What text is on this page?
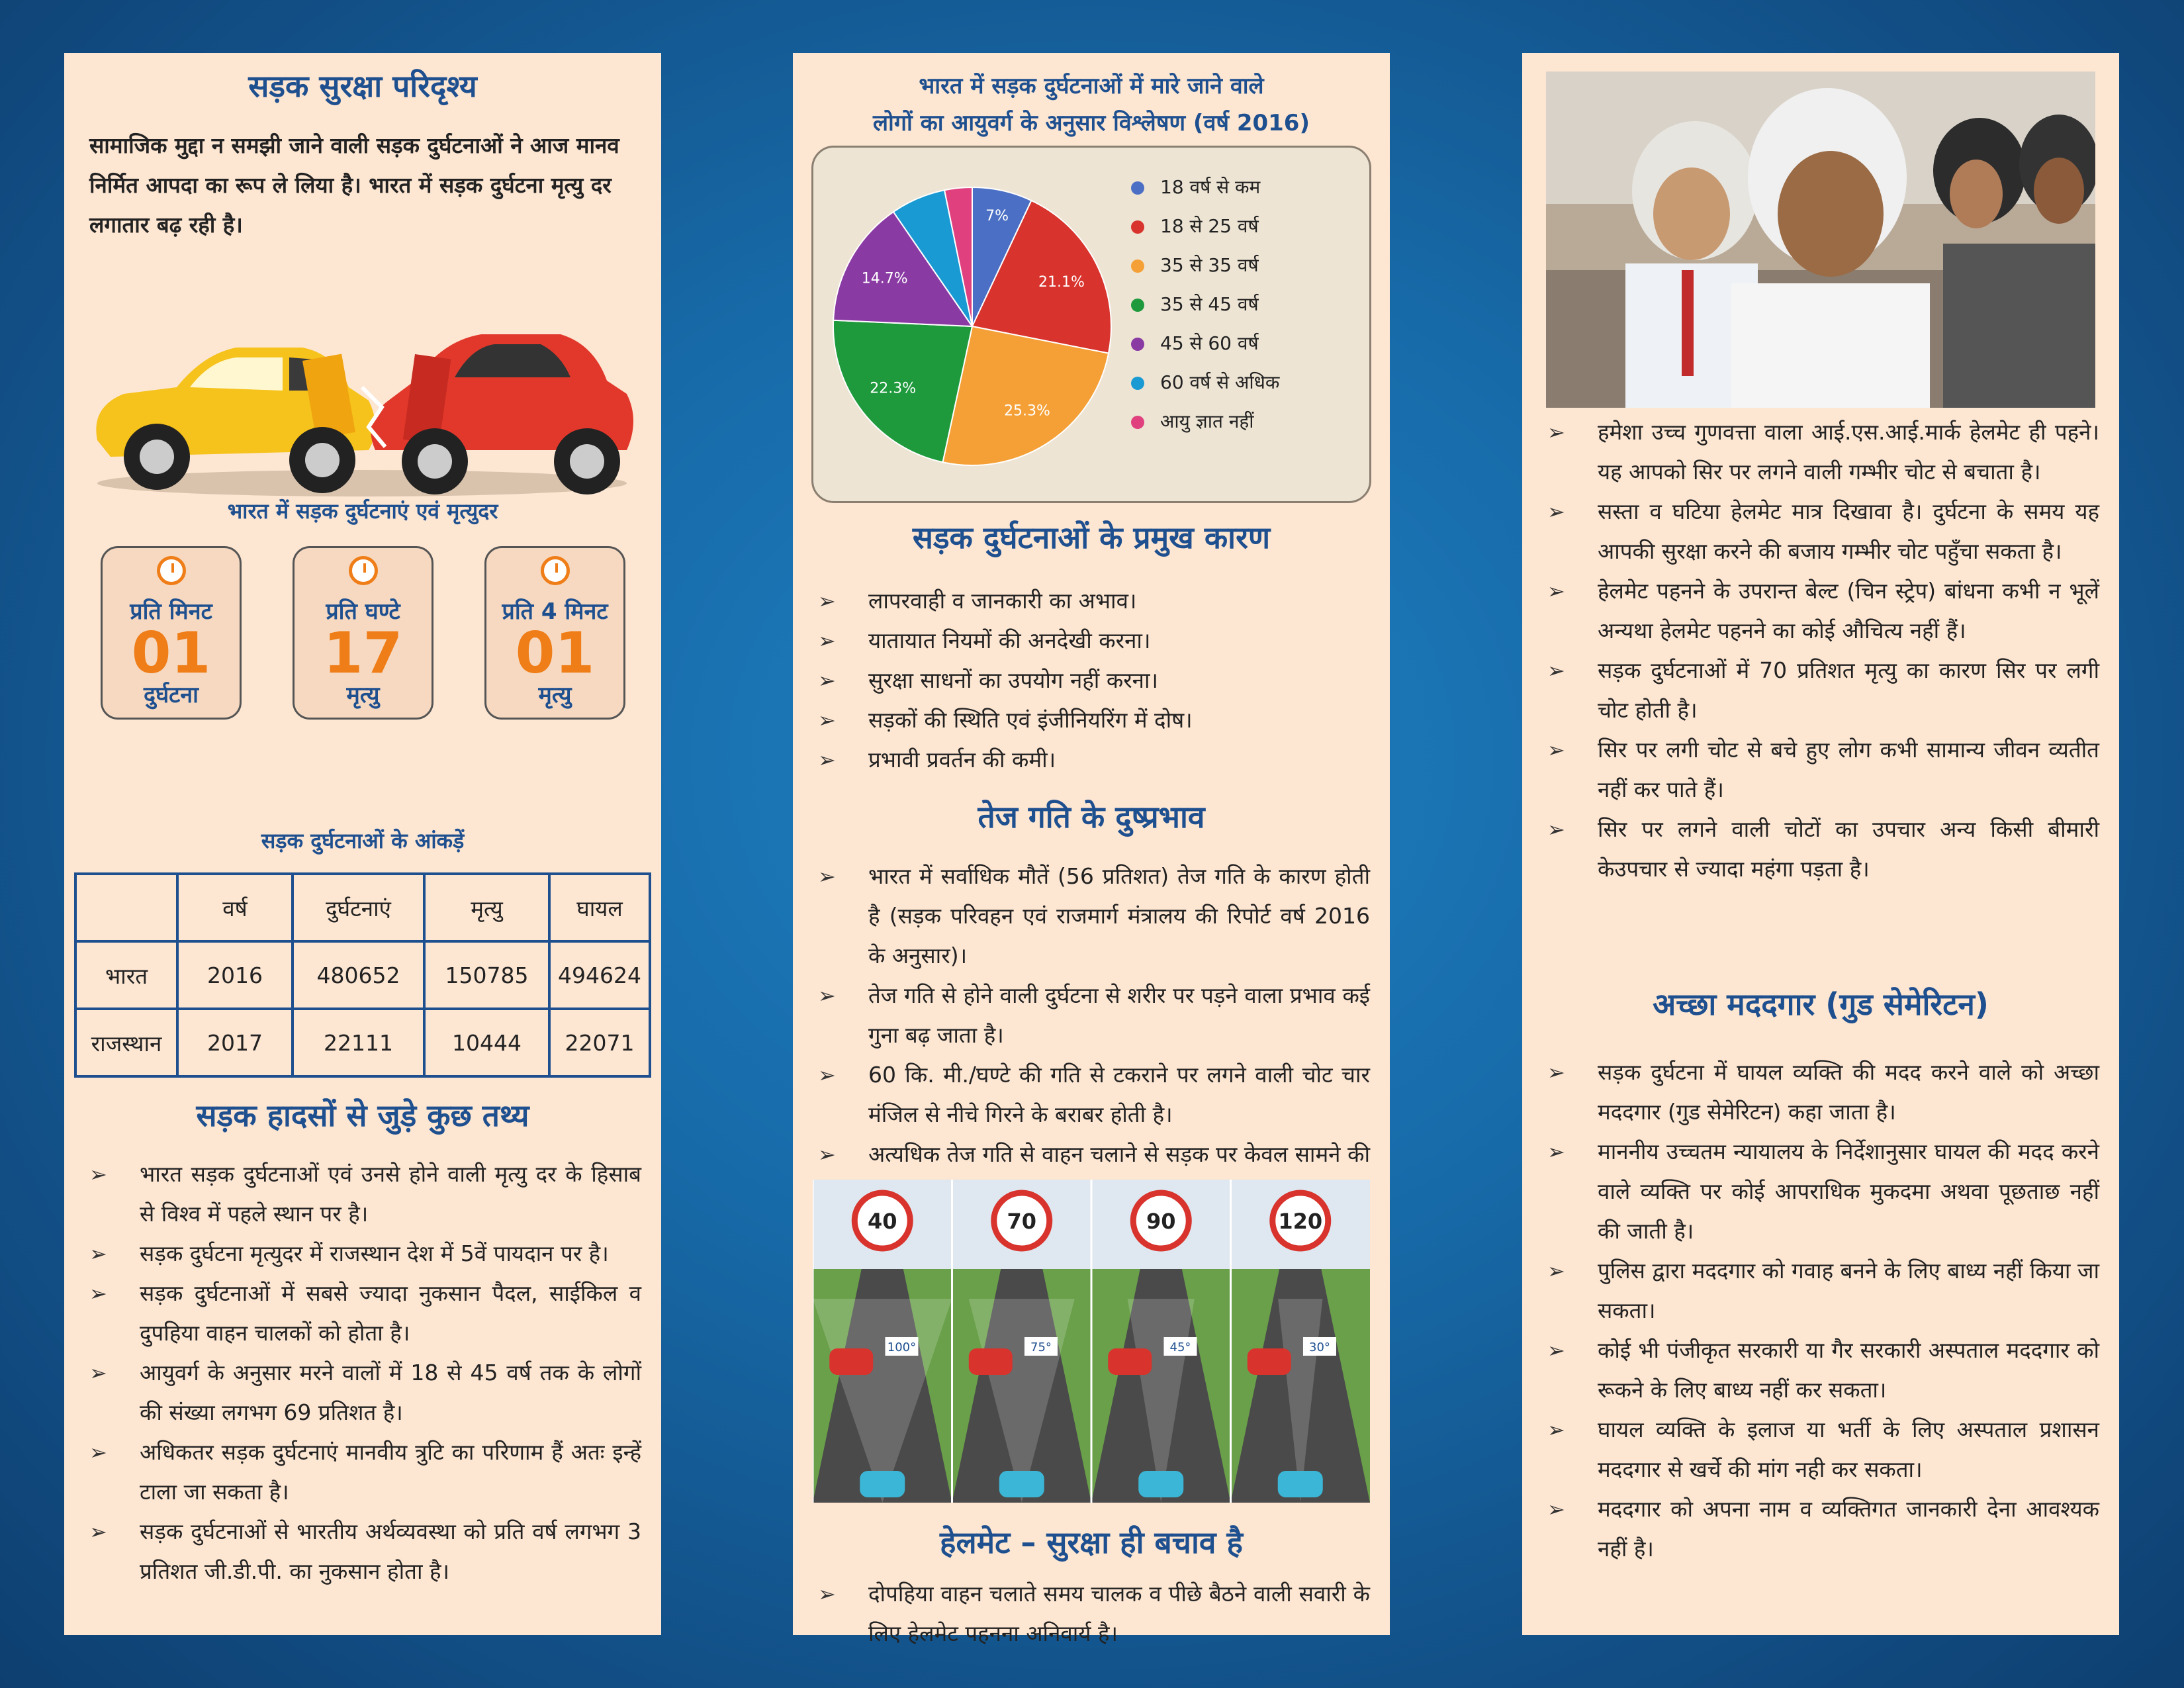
सड़क सुरक्षा परिदृश्य

सामाजिक मुद्दा न समझी जाने वाली सड़क दुर्घटनाओं ने आज मानव निर्मित आपदा का रूप ले लिया है। भारत में सड़क दुर्घटना मृत्यु दर लगातार बढ़ रही है।

भारत में सड़क दुर्घटनाएं एवं मृत्युदर
प्रति मिनट
01
दुर्घटना
प्रति घण्टे
17
मृत्यु
प्रति 4 मिनट
01
मृत्यु
सड़क दुर्घटनाओं के आंकड़ें
	वर्ष	दुर्घटनाएं	मृत्यु	घायल
भारत	2016	480652	150785	494624
राजस्थान	2017	22111	10444	22071
सड़क हादसों से जुड़े कुछ तथ्य
➢ भारत सड़क दुर्घटनाओं एवं उनसे होने वाली मृत्यु दर के हिसाब से विश्व में पहले स्थान पर है।
➢ सड़क दुर्घटना मृत्युदर में राजस्थान देश में 5वें पायदान पर है।
➢ सड़क दुर्घटनाओं में सबसे ज्यादा नुकसान पैदल, साईकिल व दुपहिया वाहन चालकों को होता है।
➢ आयुवर्ग के अनुसार मरने वालों में 18 से 45 वर्ष तक के लोगों की संख्या लगभग 69 प्रतिशत है।
➢ अधिकतर सड़क दुर्घटनाएं मानवीय त्रुटि का परिणाम हैं अतः इन्हें टाला जा सकता है।
➢ सड़क दुर्घटनाओं से भारतीय अर्थव्यवस्था को प्रति वर्ष लगभग 3 प्रतिशत जी.डी.पी. का नुकसान होता है।
भारत में सड़क दुर्घटनाओं में मारे जाने वाले
लोगों का आयुवर्ग के अनुसार विश्लेषण (वर्ष 2016)
7%
21.1%
25.3%
22.3%
14.7%
18 वर्ष से कम
18 से 25 वर्ष
35 से 35 वर्ष
35 से 45 वर्ष
45 से 60 वर्ष
60 वर्ष से अधिक
आयु ज्ञात नहीं
सड़क दुर्घटनाओं के प्रमुख कारण
➢ लापरवाही व जानकारी का अभाव।
➢ यातायात नियमों की अनदेखी करना।
➢ सुरक्षा साधनों का उपयोग नहीं करना।
➢ सड़कों की स्थिति एवं इंजीनियरिंग में दोष।
➢ प्रभावी प्रवर्तन की कमी।
तेज गति के दुष्प्रभाव
➢ भारत में सर्वाधिक मौतें (56 प्रतिशत) तेज गति के कारण होती है (सड़क परिवहन एवं राजमार्ग मंत्रालय की रिपोर्ट वर्ष 2016 के अनुसार)।
➢ तेज गति से होने वाली दुर्घटना से शरीर पर पड़ने वाला प्रभाव कई गुना बढ़ जाता है।
➢ 60 कि. मी./घण्टे की गति से टकराने पर लगने वाली चोट चार मंजिल से नीचे गिरने के बराबर होती है।
➢ अत्यधिक तेज गति से वाहन चलाने से सड़क पर केवल सामने की
40
100°
70
75°
90
45°
120
30°
हेलमेट – सुरक्षा ही बचाव है
➢ दोपहिया वाहन चलाते समय चालक व पीछे बैठने वाली सवारी के लिए हेलमेट पहनना अनिवार्य है।
➢ हमेशा उच्च गुणवत्ता वाला आई.एस.आई.मार्क हेलमेट ही पहने। यह आपको सिर पर लगने वाली गम्भीर चोट से बचाता है।
➢ सस्ता व घटिया हेलमेट मात्र दिखावा है। दुर्घटना के समय यह आपकी सुरक्षा करने की बजाय गम्भीर चोट पहुँचा सकता है।
➢ हेलमेट पहनने के उपरान्त बेल्ट (चिन स्ट्रेप) बांधना कभी न भूलें अन्यथा हेलमेट पहनने का कोई औचित्य नहीं हैं।
➢ सड़क दुर्घटनाओं में 70 प्रतिशत मृत्यु का कारण सिर पर लगी चोट होती है।
➢ सिर पर लगी चोट से बचे हुए लोग कभी सामान्य जीवन व्यतीत नहीं कर पाते हैं।
➢ सिर पर लगने वाली चोटों का उपचार अन्य किसी बीमारी केउपचार से ज्यादा महंगा पड़ता है।
अच्छा मददगार (गुड सेमेरिटन)
➢ सड़क दुर्घटना में घायल व्यक्ति की मदद करने वाले को अच्छा मददगार (गुड सेमेरिटन) कहा जाता है।
➢ माननीय उच्चतम न्यायालय के निर्देशानुसार घायल की मदद करने वाले व्यक्ति पर कोई आपराधिक मुकदमा अथवा पूछताछ नहीं की जाती है।
➢ पुलिस द्वारा मददगार को गवाह बनने के लिए बाध्य नहीं किया जा सकता।
➢ कोई भी पंजीकृत सरकारी या गैर सरकारी अस्पताल मददगार को रूकने के लिए बाध्य नहीं कर सकता।
➢ घायल व्यक्ति के इलाज या भर्ती के लिए अस्पताल प्रशासन मददगार से खर्चे की मांग नही कर सकता।
➢ मददगार को अपना नाम व व्यक्तिगत जानकारी देना आवश्यक नहीं है।
